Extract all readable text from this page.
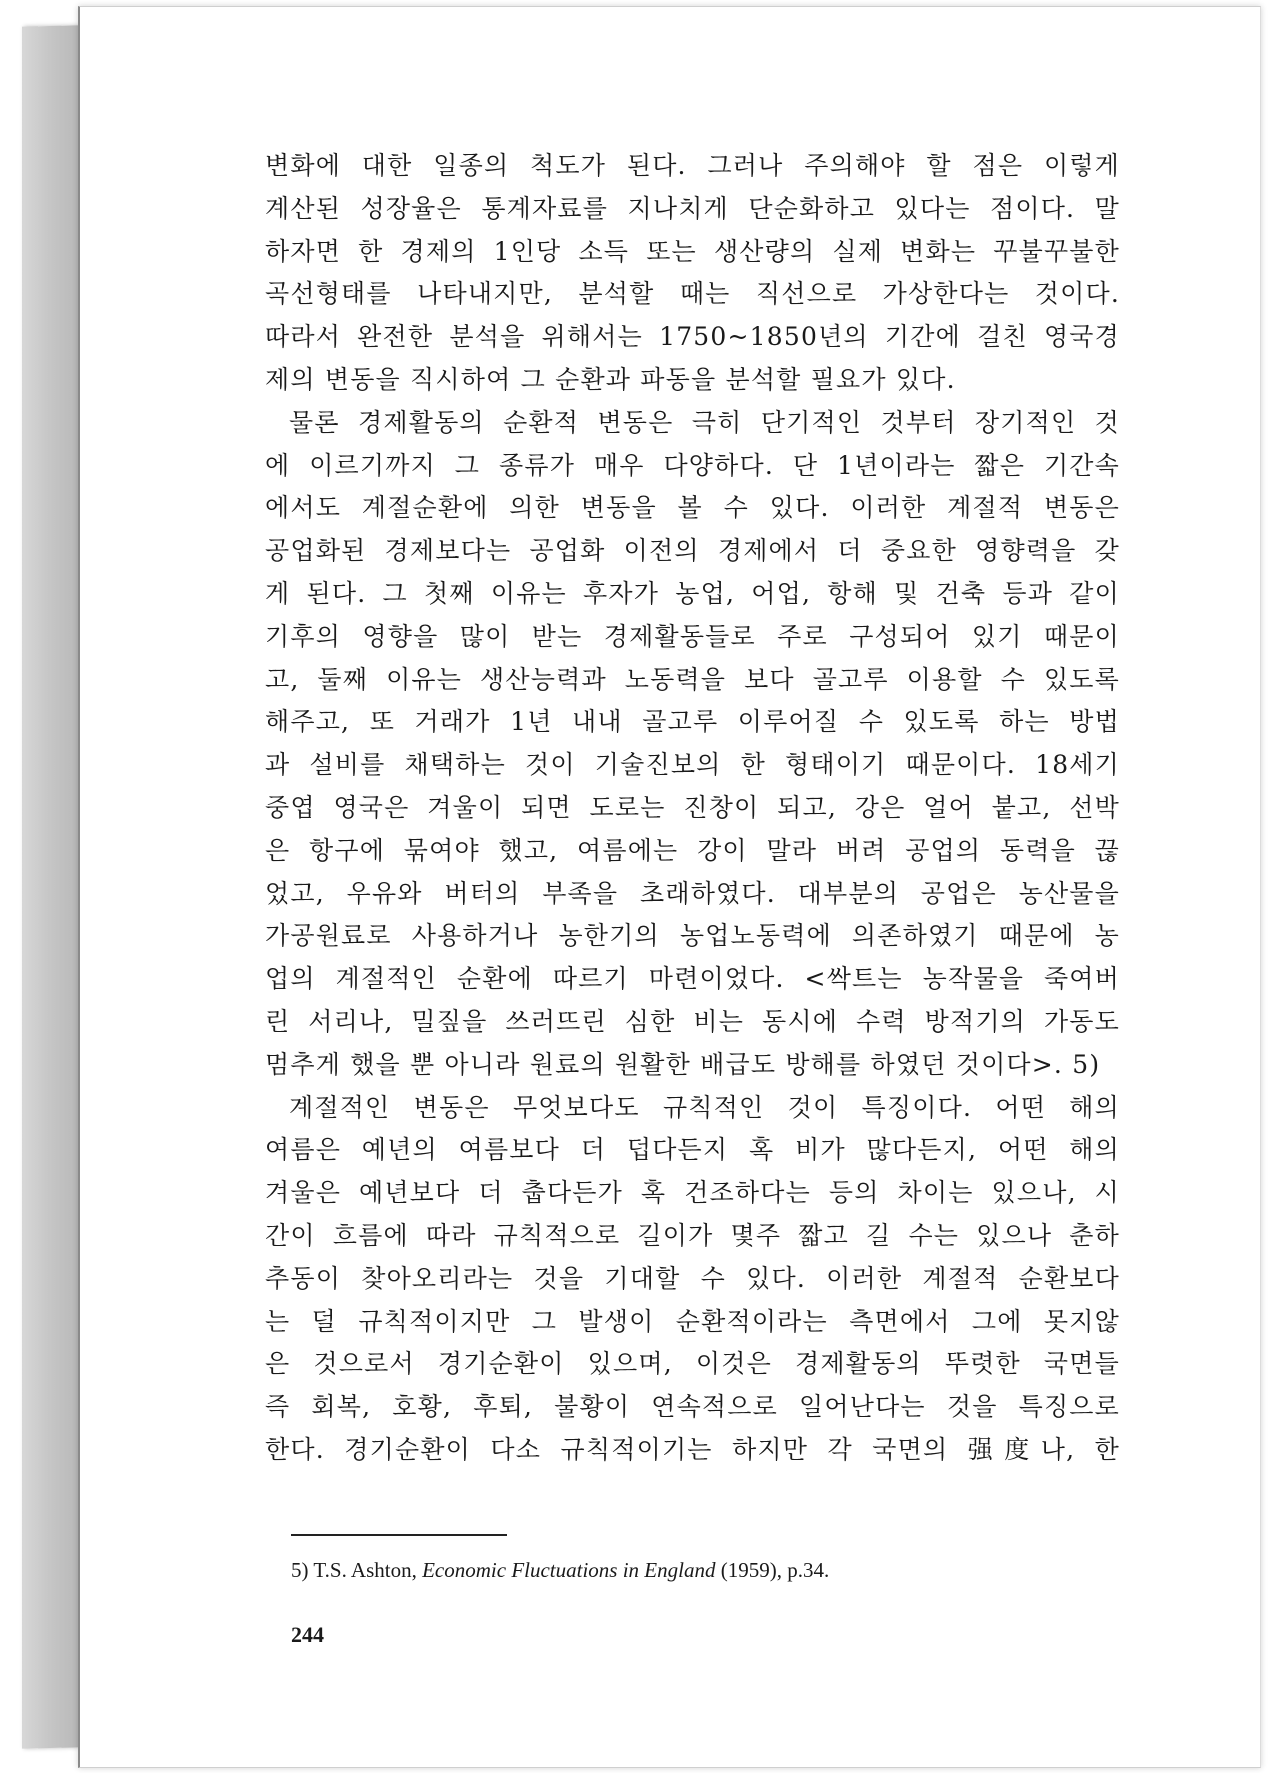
변화에 대한 일종의 척도가 된다. 그러나 주의해야 할 점은 이렇게
계산된 성장율은 통계자료를 지나치게 단순화하고 있다는 점이다. 말
하자면 한 경제의 1인당 소득 또는 생산량의 실제 변화는 꾸불꾸불한
곡선형태를 나타내지만, 분석할 때는 직선으로 가상한다는 것이다.
따라서 완전한 분석을 위해서는 1750~1850년의 기간에 걸친 영국경
제의 변동을 직시하여 그 순환과 파동을 분석할 필요가 있다.
물론 경제활동의 순환적 변동은 극히 단기적인 것부터 장기적인 것
에 이르기까지 그 종류가 매우 다양하다. 단 1년이라는 짧은 기간속
에서도 계절순환에 의한 변동을 볼 수 있다. 이러한 계절적 변동은
공업화된 경제보다는 공업화 이전의 경제에서 더 중요한 영향력을 갖
게 된다. 그 첫째 이유는 후자가 농업, 어업, 항해 및 건축 등과 같이
기후의 영향을 많이 받는 경제활동들로 주로 구성되어 있기 때문이
고, 둘째 이유는 생산능력과 노동력을 보다 골고루 이용할 수 있도록
해주고, 또 거래가 1년 내내 골고루 이루어질 수 있도록 하는 방법
과 설비를 채택하는 것이 기술진보의 한 형태이기 때문이다. 18세기
중엽 영국은 겨울이 되면 도로는 진창이 되고, 강은 얼어 붙고, 선박
은 항구에 묶여야 했고, 여름에는 강이 말라 버려 공업의 동력을 끊
었고, 우유와 버터의 부족을 초래하였다. 대부분의 공업은 농산물을
가공원료로 사용하거나 농한기의 농업노동력에 의존하였기 때문에 농
업의 계절적인 순환에 따르기 마련이었다. <싹트는 농작물을 죽여버
린 서리나, 밀짚을 쓰러뜨린 심한 비는 동시에 수력 방적기의 가동도
멈추게 했을 뿐 아니라 원료의 원활한 배급도 방해를 하였던 것이다>. 5)
계절적인 변동은 무엇보다도 규칙적인 것이 특징이다. 어떤 해의
여름은 예년의 여름보다 더 덥다든지 혹 비가 많다든지, 어떤 해의
겨울은 예년보다 더 춥다든가 혹 건조하다는 등의 차이는 있으나, 시
간이 흐름에 따라 규칙적으로 길이가 몇주 짧고 길 수는 있으나 춘하
추동이 찾아오리라는 것을 기대할 수 있다. 이러한 계절적 순환보다
는 덜 규칙적이지만 그 발생이 순환적이라는 측면에서 그에 못지않
은 것으로서 경기순환이 있으며, 이것은 경제활동의 뚜렷한 국면들
즉 회복, 호황, 후퇴, 불황이 연속적으로 일어난다는 것을 특징으로
한다. 경기순환이 다소 규칙적이기는 하지만 각 국면의 强度나, 한
5) T.S. Ashton, Economic Fluctuations in England (1959), p.34.
244
